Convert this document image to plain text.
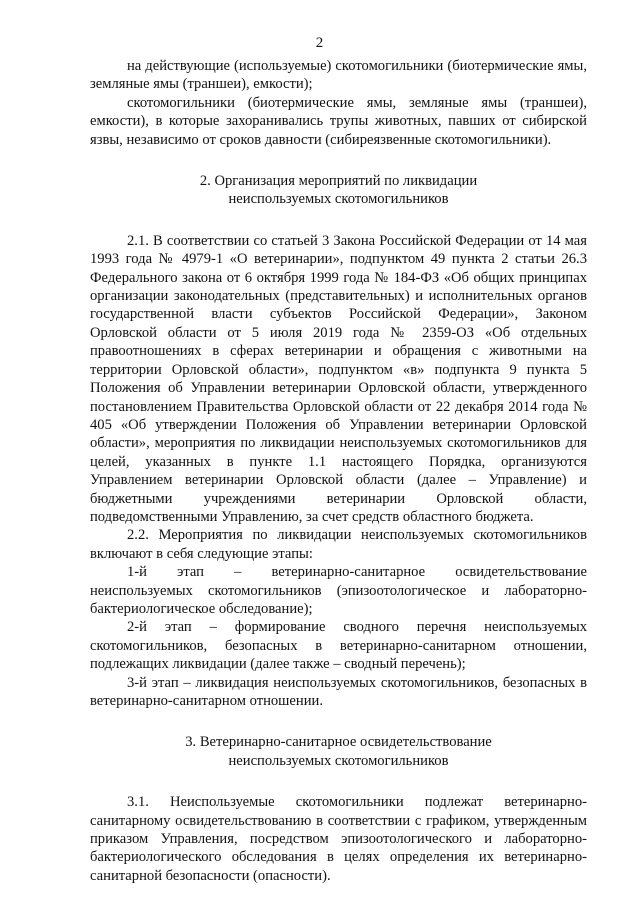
2

на действующие (используемые) скотомогильники (биотермические ямы, земляные ямы (траншеи), емкости);

скотомогильники (биотермические ямы, земляные ямы (траншеи), емкости), в которые захоранивались трупы животных, павших от сибирской язвы, независимо от сроков давности (сибиреязвенные скотомогильники).

2. Организация мероприятий по ликвидации
неиспользуемых скотомогильников

2.1. В соответствии со статьей 3 Закона Российской Федерации от 14 мая 1993 года № 4979-1 «О ветеринарии», подпунктом 49 пункта 2 статьи 26.3 Федерального закона от 6 октября 1999 года № 184-ФЗ «Об общих принципах организации законодательных (представительных) и исполнительных органов государственной власти субъектов Российской Федерации», Законом Орловской области от 5 июля 2019 года № 2359-ОЗ «Об отдельных правоотношениях в сферах ветеринарии и обращения с животными на территории Орловской области», подпунктом «в» подпункта 9 пункта 5 Положения об Управлении ветеринарии Орловской области, утвержденного постановлением Правительства Орловской области от 22 декабря 2014 года № 405 «Об утверждении Положения об Управлении ветеринарии Орловской области», мероприятия по ликвидации неиспользуемых скотомогильников для целей, указанных в пункте 1.1 настоящего Порядка, организуются Управлением ветеринарии Орловской области (далее – Управление) и бюджетными учреждениями ветеринарии Орловской области, подведомственными Управлению, за счет средств областного бюджета.

2.2. Мероприятия по ликвидации неиспользуемых скотомогильников включают в себя следующие этапы:

1-й этап – ветеринарно-санитарное освидетельствование неиспользуемых скотомогильников (эпизоотологическое и лабораторно-бактериологическое обследование);

2-й этап – формирование сводного перечня неиспользуемых скотомогильников, безопасных в ветеринарно-санитарном отношении, подлежащих ликвидации (далее также – сводный перечень);

3-й этап – ликвидация неиспользуемых скотомогильников, безопасных в ветеринарно-санитарном отношении.

3. Ветеринарно-санитарное освидетельствование
неиспользуемых скотомогильников

3.1. Неиспользуемые скотомогильники подлежат ветеринарно-санитарному освидетельствованию в соответствии с графиком, утвержденным приказом Управления, посредством эпизоотологического и лабораторно-бактериологического обследования в целях определения их ветеринарно-санитарной безопасности (опасности).
